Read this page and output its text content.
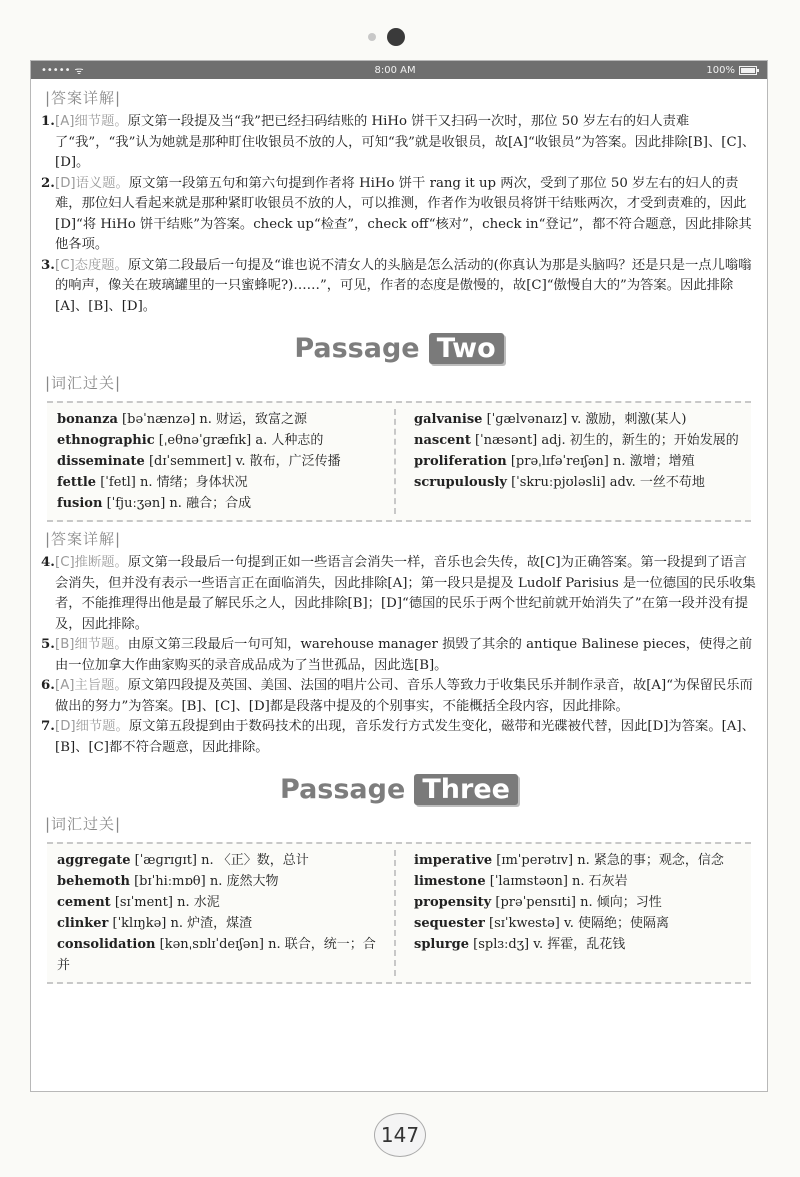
••••• ᯤ	8:00 AM	100%
|答案详解|
1. [A]细节题。原文第一段提及当“我”把已经扫码结账的 HiHo 饼干又扫码一次时，那位 50 岁左右的妇人责难了“我”，“我”认为她就是那种盯住收银员不放的人，可知“我”就是收银员，故[A]“收银员”为答案。因此排除[B]、[C]、[D]。
2. [D]语义题。原文第一段第五句和第六句提到作者将 HiHo 饼干 rang it up 两次，受到了那位 50 岁左右的妇人的责难，那位妇人看起来就是那种紧盯收银员不放的人，可以推测，作者作为收银员将饼干结账两次，才受到责难的，因此[D]“将 HiHo 饼干结账”为答案。check up“检查”，check off“核对”，check in“登记”，都不符合题意，因此排除其他各项。
3. [C]态度题。原文第二段最后一句提及“谁也说不清女人的头脑是怎么活动的(你真认为那是头脑吗？还是只是一点儿嗡嗡的响声，像关在玻璃罐里的一只蜜蜂呢?)……”，可见，作者的态度是傲慢的，故[C]“傲慢自大的”为答案。因此排除[A]、[B]、[D]。
Passage Two
|词汇过关|
bonanza [bəˈnænzə] n. 财运，致富之源
ethnographic [ˌeθnəˈɡræfɪk] a. 人种志的
disseminate [dɪˈsemɪneɪt] v. 散布，广泛传播
fettle [ˈfetl] n. 情绪；身体状况
fusion [ˈfjuːʒən] n. 融合；合成
galvanise [ˈɡælvənaɪz] v. 激励，刺激(某人)
nascent [ˈnæsənt] adj. 初生的，新生的；开始发展的
proliferation [prəˌlɪfəˈreɪʃən] n. 激增；增殖
scrupulously [ˈskruːpjʊləsli] adv. 一丝不苟地
|答案详解|
4. [C]推断题。原文第一段最后一句提到正如一些语言会消失一样，音乐也会失传，故[C]为正确答案。第一段提到了语言会消失，但并没有表示一些语言正在面临消失，因此排除[A]；第一段只是提及 Ludolf Parisius 是一位德国的民乐收集者，不能推理得出他是最了解民乐之人，因此排除[B]；[D]“德国的民乐于两个世纪前就开始消失了”在第一段并没有提及，因此排除。
5. [B]细节题。由原文第三段最后一句可知，warehouse manager 损毁了其余的 antique Balinese pieces，使得之前由一位加拿大作曲家购买的录音成品成为了当世孤品，因此选[B]。
6. [A]主旨题。原文第四段提及英国、美国、法国的唱片公司、音乐人等致力于收集民乐并制作录音，故[A]“为保留民乐而做出的努力”为答案。[B]、[C]、[D]都是段落中提及的个别事实，不能概括全段内容，因此排除。
7. [D]细节题。原文第五段提到由于数码技术的出现，音乐发行方式发生变化，磁带和光碟被代替，因此[D]为答案。[A]、[B]、[C]都不符合题意，因此排除。
Passage Three
|词汇过关|
aggregate [ˈæɡrɪɡɪt] n. 〈正〉数，总计
behemoth [bɪˈhiːmɒθ] n. 庞然大物
cement [sɪˈment] n. 水泥
clinker [ˈklɪŋkə] n. 炉渣，煤渣
consolidation [kənˌsɒlɪˈdeɪʃən] n. 联合，统一；合并
imperative [ɪmˈperətɪv] n. 紧急的事；观念，信念
limestone [ˈlaɪmstəʊn] n. 石灰岩
propensity [prəˈpensɪti] n. 倾向；习性
sequester [sɪˈkwestə] v. 使隔绝；使隔离
splurge [splɜːdʒ] v. 挥霍，乱花钱
147
